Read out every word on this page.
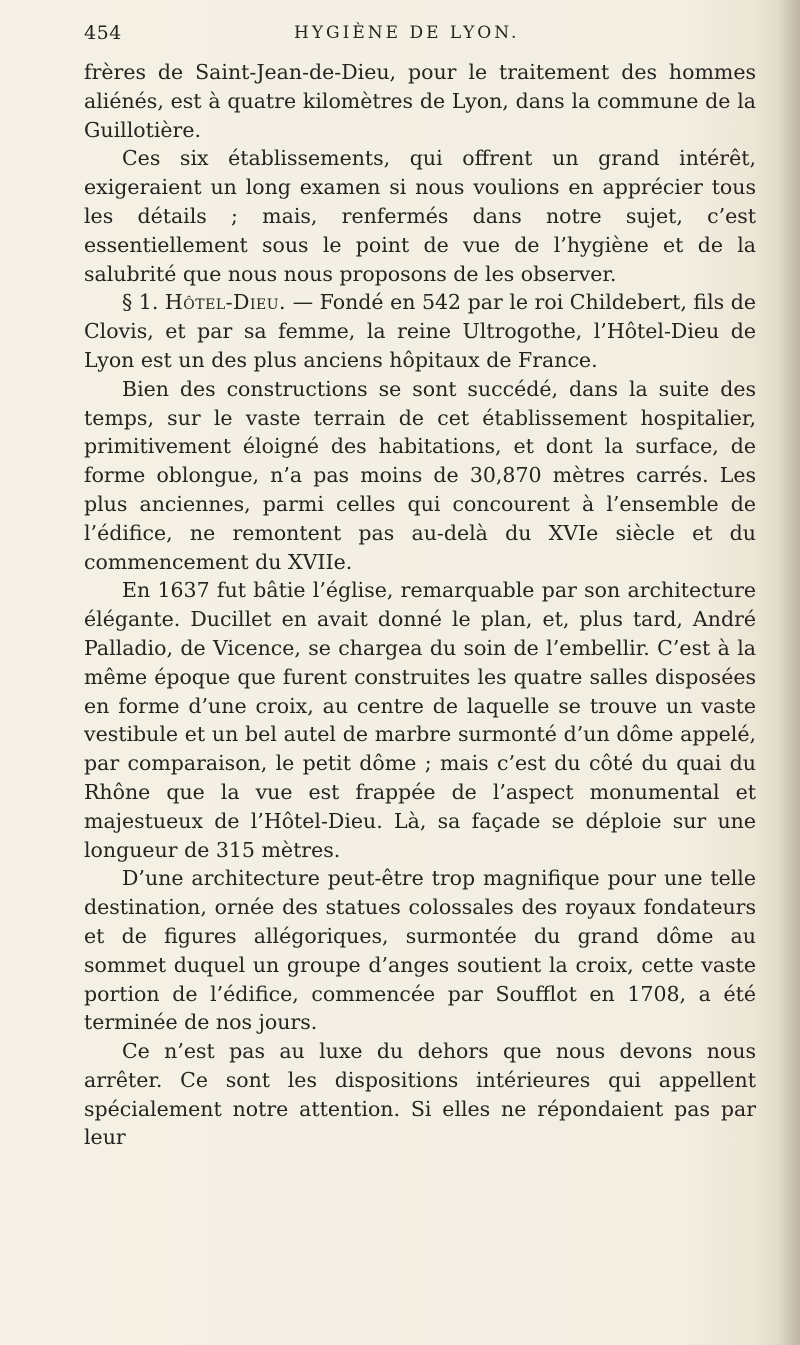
454	HYGIÈNE DE LYON.

frères de Saint-Jean-de-Dieu, pour le traitement des hommes aliénés, est à quatre kilomètres de Lyon, dans la commune de la Guillotière.

Ces six établissements, qui offrent un grand intérêt, exigeraient un long examen si nous voulions en apprécier tous les détails ; mais, renfermés dans notre sujet, c’est essentiellement sous le point de vue de l’hygiène et de la salubrité que nous nous proposons de les observer.

§ 1. Hôtel-Dieu. — Fondé en 542 par le roi Childebert, fils de Clovis, et par sa femme, la reine Ultrogothe, l’Hôtel-Dieu de Lyon est un des plus anciens hôpitaux de France.

Bien des constructions se sont succédé, dans la suite des temps, sur le vaste terrain de cet établissement hospitalier, primitivement éloigné des habitations, et dont la surface, de forme oblongue, n’a pas moins de 30,870 mètres carrés. Les plus anciennes, parmi celles qui concourent à l’ensemble de l’édifice, ne remontent pas au-delà du XVIe siècle et du commencement du XVIIe.

En 1637 fut bâtie l’église, remarquable par son architecture élégante. Ducillet en avait donné le plan, et, plus tard, André Palladio, de Vicence, se chargea du soin de l’embellir. C’est à la même époque que furent construites les quatre salles disposées en forme d’une croix, au centre de laquelle se trouve un vaste vestibule et un bel autel de marbre surmonté d’un dôme appelé, par comparaison, le petit dôme ; mais c’est du côté du quai du Rhône que la vue est frappée de l’aspect monumental et majestueux de l’Hôtel-Dieu. Là, sa façade se déploie sur une longueur de 315 mètres.

D’une architecture peut-être trop magnifique pour une telle destination, ornée des statues colossales des royaux fondateurs et de figures allégoriques, surmontée du grand dôme au sommet duquel un groupe d’anges soutient la croix, cette vaste portion de l’édifice, commencée par Soufflot en 1708, a été terminée de nos jours.

Ce n’est pas au luxe du dehors que nous devons nous arrêter. Ce sont les dispositions intérieures qui appellent spécialement notre attention. Si elles ne répondaient pas par leur
